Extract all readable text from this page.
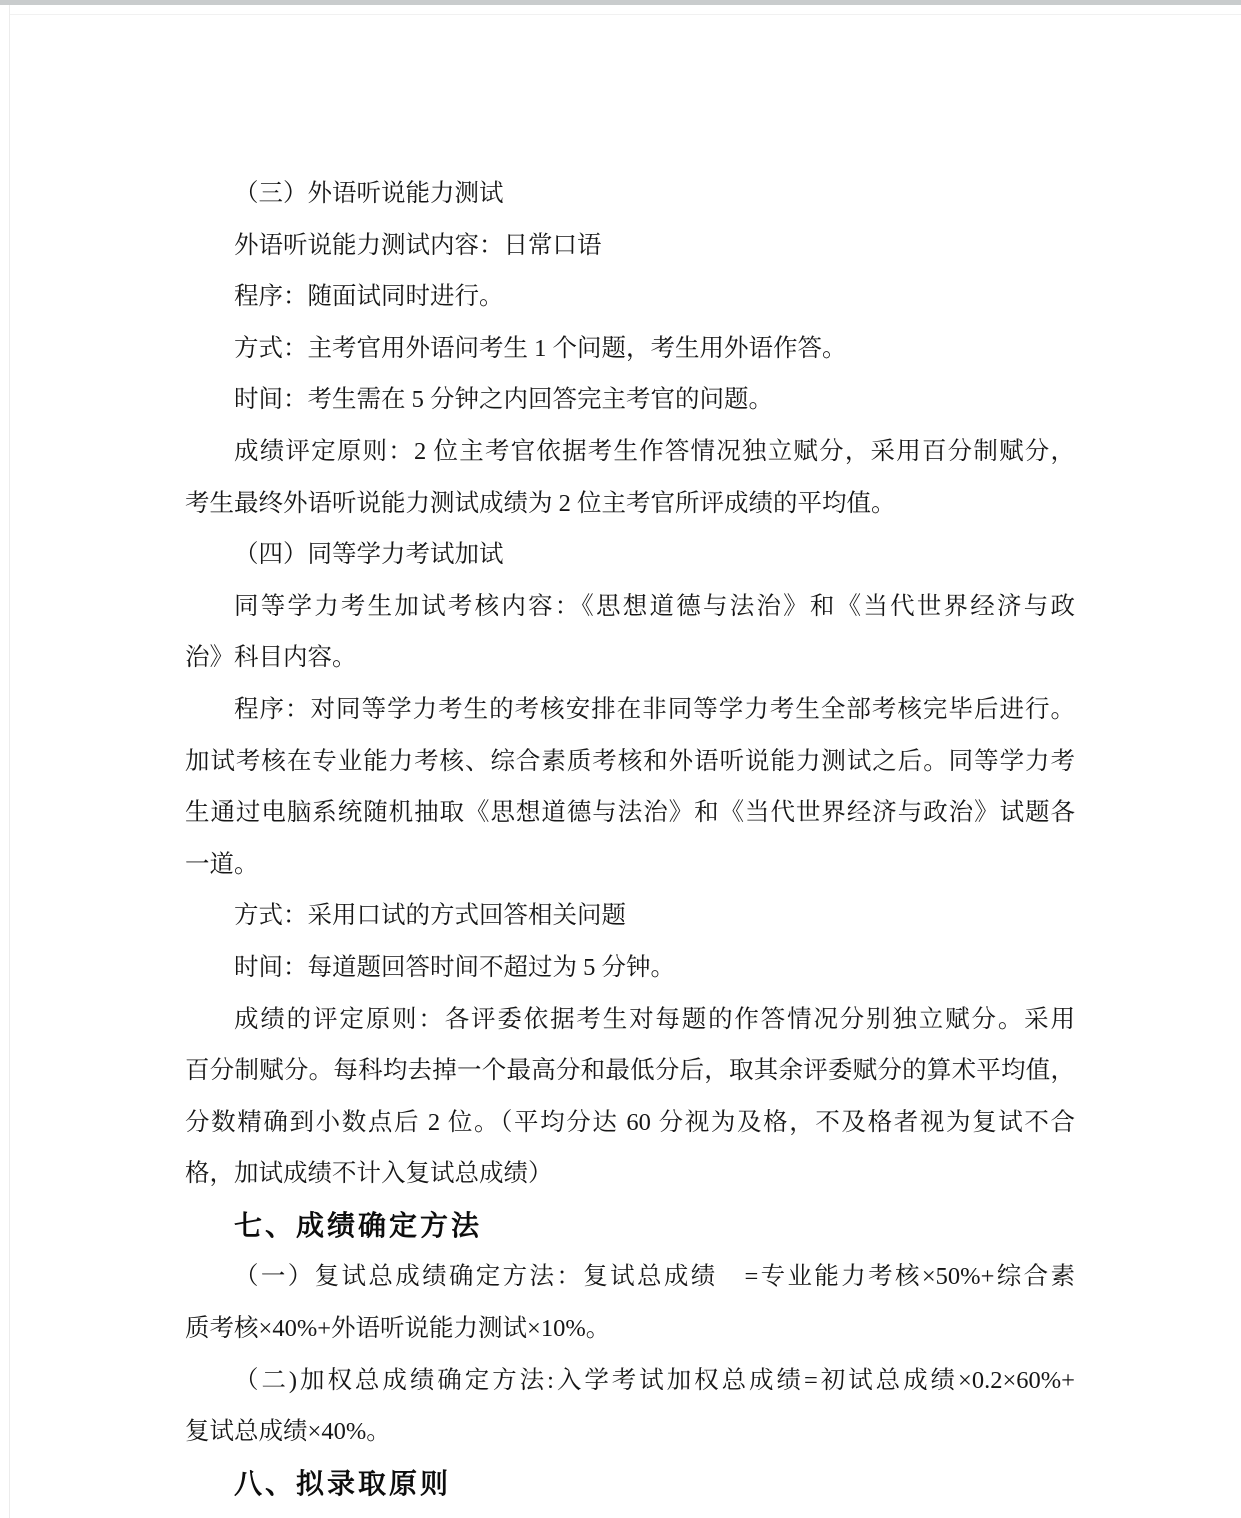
（三）外语听说能力测试
外语听说能力测试内容：日常口语
程序：随面试同时进行。
方式：主考官用外语问考生 1 个问题，考生用外语作答。
时间：考生需在 5 分钟之内回答完主考官的问题。
成绩评定原则：2 位主考官依据考生作答情况独立赋分，采用百分制赋分，
考生最终外语听说能力测试成绩为 2 位主考官所评成绩的平均值。
（四）同等学力考试加试
同等学力考生加试考核内容：《思想道德与法治》和《当代世界经济与政
治》科目内容。
程序：对同等学力考生的考核安排在非同等学力考生全部考核完毕后进行。
加试考核在专业能力考核、综合素质考核和外语听说能力测试之后。同等学力考
生通过电脑系统随机抽取《思想道德与法治》和《当代世界经济与政治》试题各
一道。
方式：采用口试的方式回答相关问题
时间：每道题回答时间不超过为 5 分钟。
成绩的评定原则：各评委依据考生对每题的作答情况分别独立赋分。采用
百分制赋分。每科均去掉一个最高分和最低分后，取其余评委赋分的算术平均值，
分数精确到小数点后 2 位。（平均分达 60 分视为及格，不及格者视为复试不合
格，加试成绩不计入复试总成绩）
七、成绩确定方法
（一）复试总成绩确定方法：复试总成绩　=专业能力考核×50%+综合素
质考核×40%+外语听说能力测试×10%。
（二)加权总成绩确定方法:入学考试加权总成绩=初试总成绩×0.2×60%+
复试总成绩×40%。
八、拟录取原则
